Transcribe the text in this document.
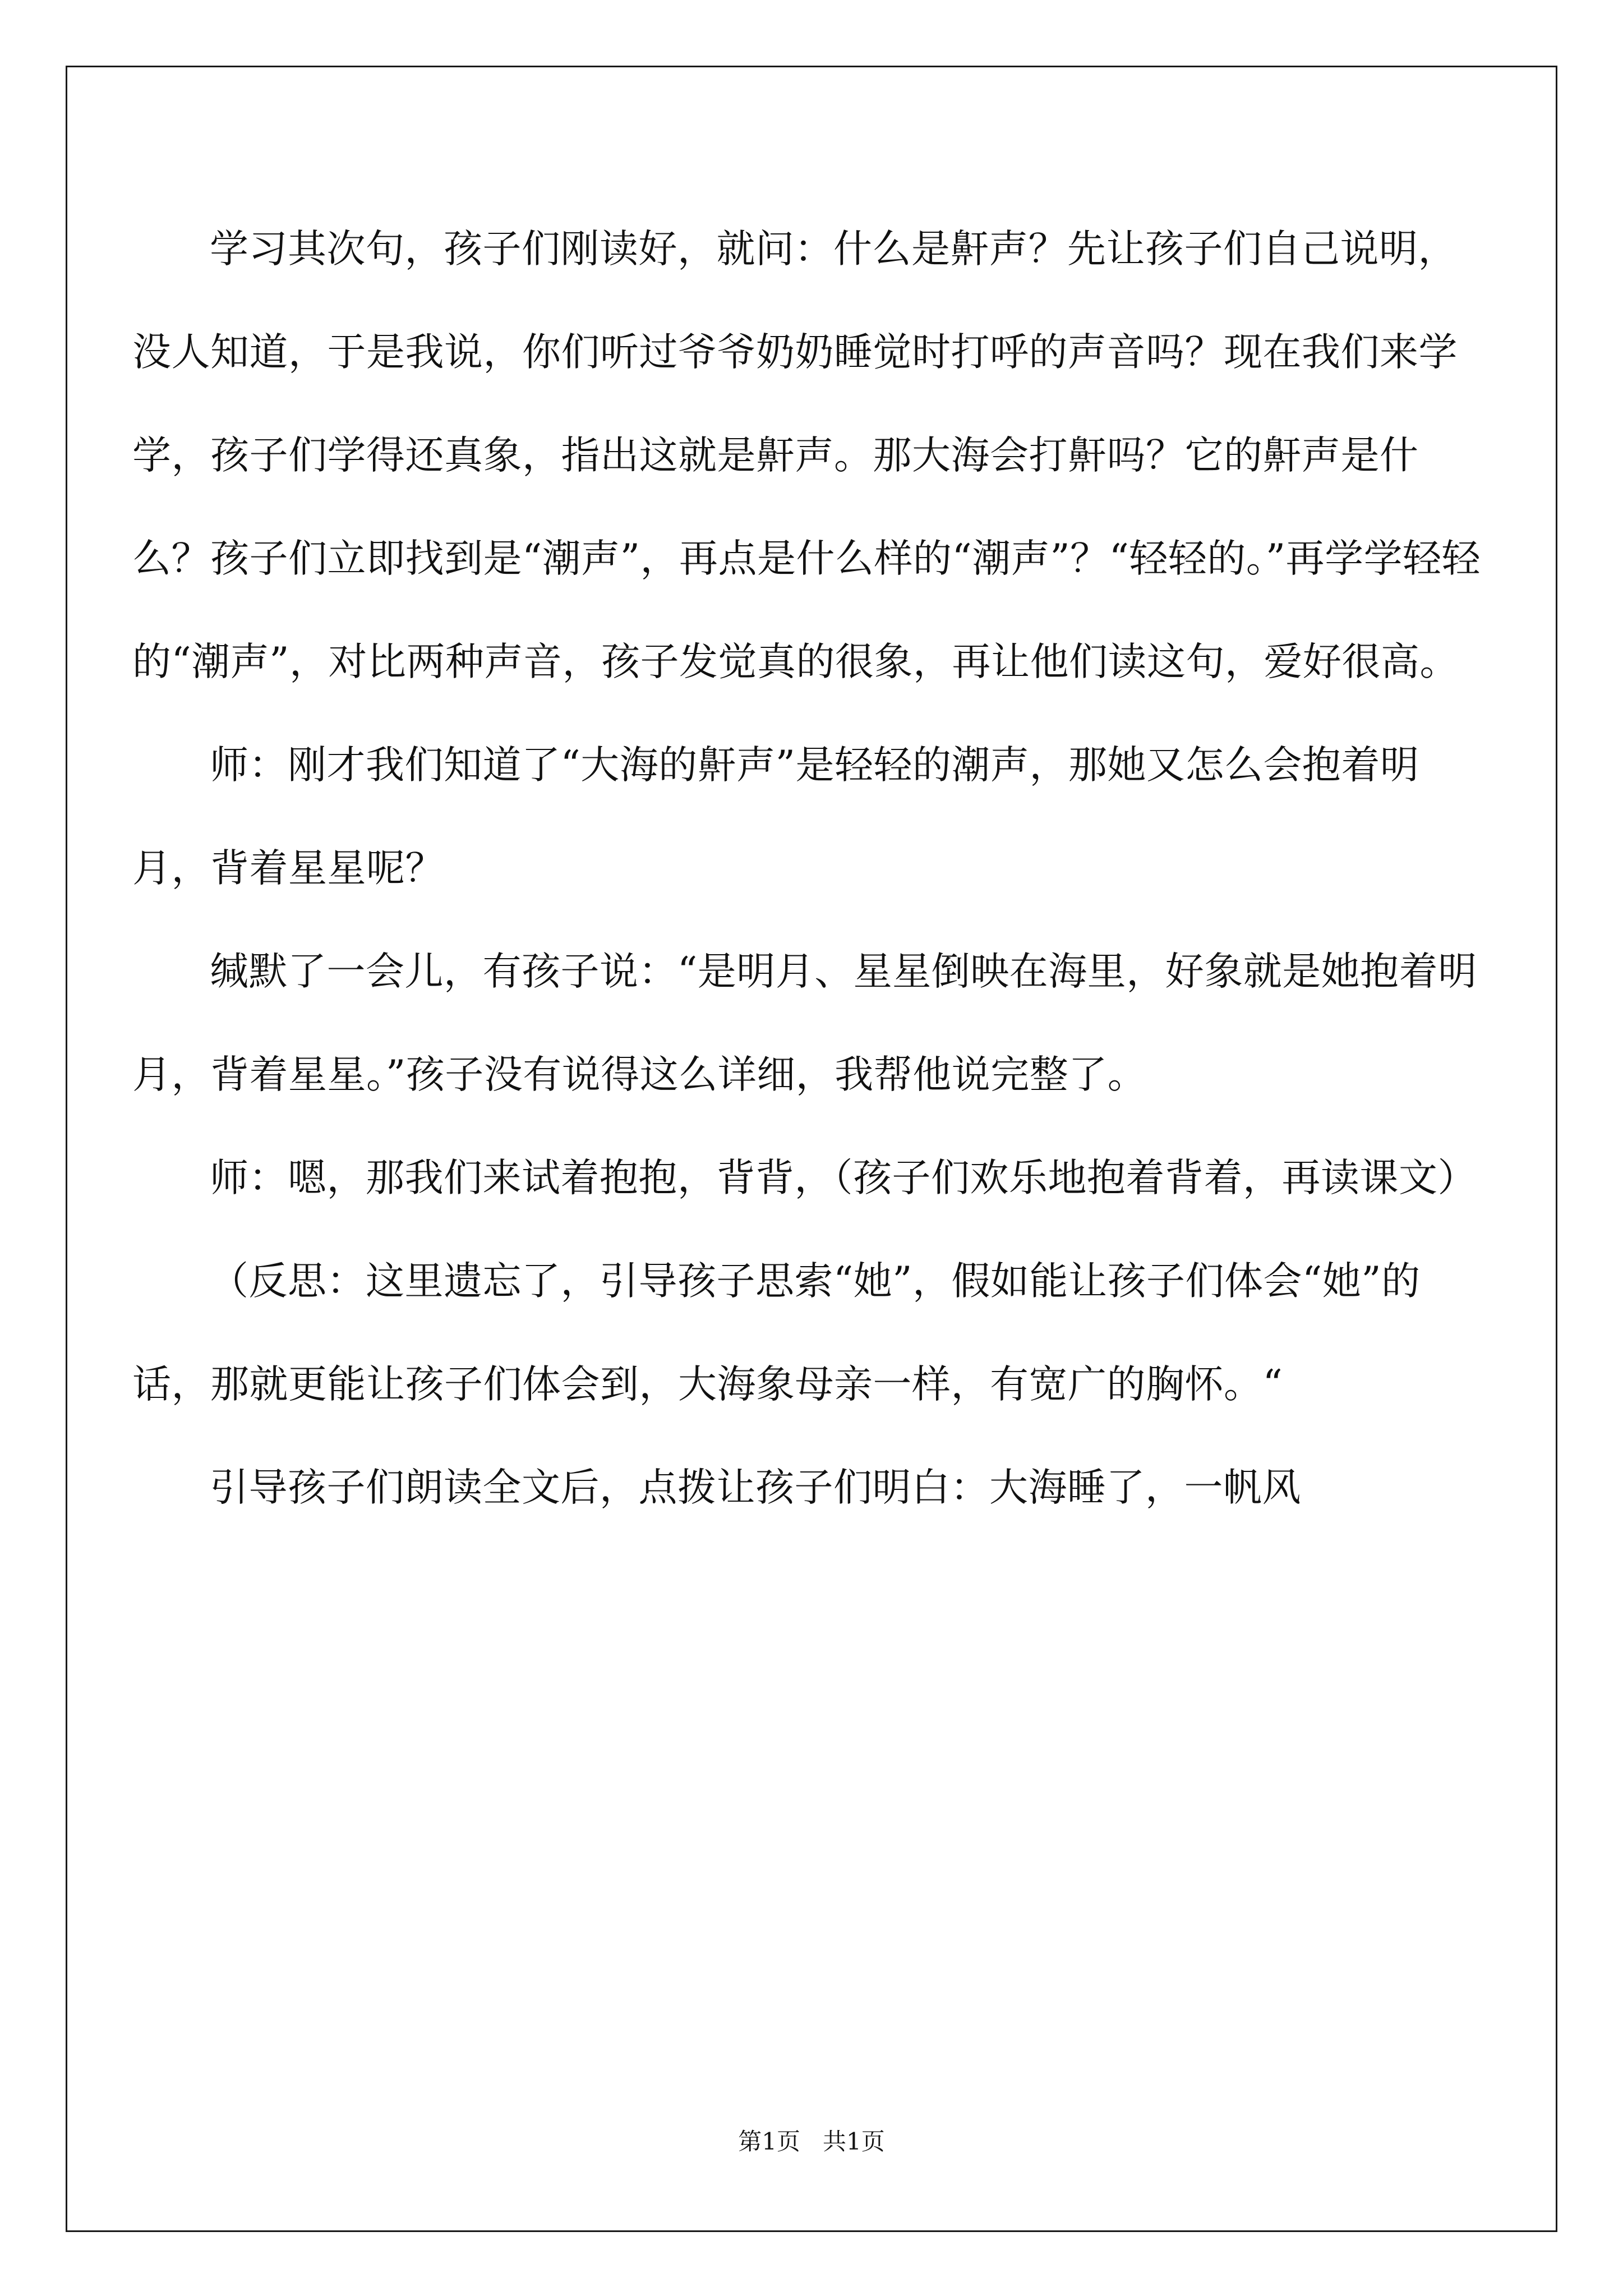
学习其次句，孩子们刚读好，就问：什么是鼾声？先让孩子们自己说明，没人知道，于是我说，你们听过爷爷奶奶睡觉时打呼的声音吗？现在我们来学学，孩子们学得还真象，指出这就是鼾声。那大海会打鼾吗？它的鼾声是什么？孩子们立即找到是“潮声”，再点是什么样的“潮声”？“轻轻的。”再学学轻轻的“潮声”，对比两种声音，孩子发觉真的很象，再让他们读这句，爱好很高。

师：刚才我们知道了“大海的鼾声”是轻轻的潮声，那她又怎么会抱着明月，背着星星呢？

缄默了一会儿，有孩子说：“是明月、星星倒映在海里，好象就是她抱着明月，背着星星。”孩子没有说得这么详细，我帮他说完整了。

师：嗯，那我们来试着抱抱，背背，（孩子们欢乐地抱着背着，再读课文）

（反思：这里遗忘了，引导孩子思索“她”，假如能让孩子们体会“她”的话，那就更能让孩子们体会到，大海象母亲一样，有宽广的胸怀。“

引导孩子们朗读全文后，点拨让孩子们明白：大海睡了，一帆风

第1页 共1页
